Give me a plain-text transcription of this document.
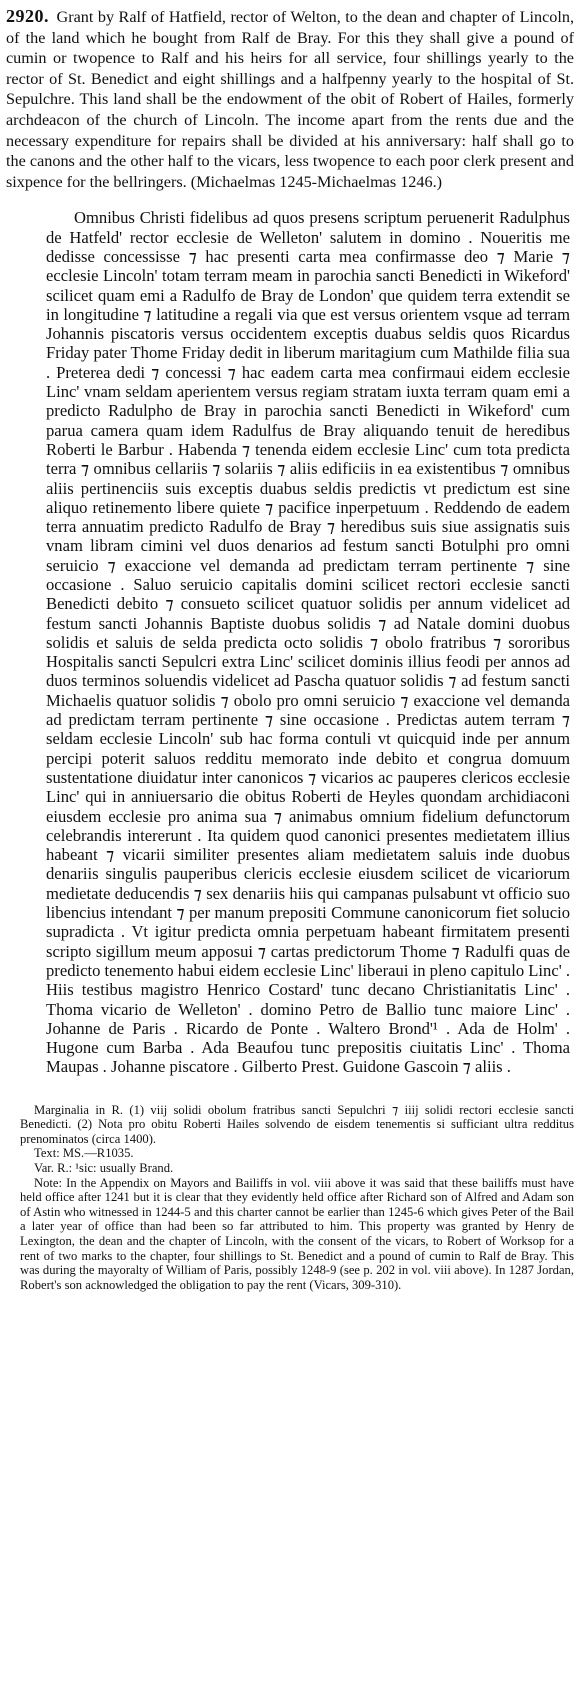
2920. Grant by Ralf of Hatfield, rector of Welton, to the dean and chapter of Lincoln, of the land which he bought from Ralf de Bray. For this they shall give a pound of cumin or twopence to Ralf and his heirs for all service, four shillings yearly to the rector of St. Benedict and eight shillings and a halfpenny yearly to the hospital of St. Sepulchre. This land shall be the endowment of the obit of Robert of Hailes, formerly archdeacon of the church of Lincoln. The income apart from the rents due and the necessary expenditure for repairs shall be divided at his anniversary: half shall go to the canons and the other half to the vicars, less twopence to each poor clerk present and sixpence for the bellringers. (Michaelmas 1245-Michaelmas 1246.)

Omnibus Christi fidelibus ad quos presens scriptum peruenerit Radulphus de Hatfeld' rector ecclesie de Welleton' salutem in domino . Noueritis me dedisse concessisse ⁊ hac presenti carta mea confirmasse deo ⁊ Marie ⁊ ecclesie Lincoln' totam terram meam in parochia sancti Benedicti in Wikeford' scilicet quam emi a Radulfo de Bray de London' que quidem terra extendit se in longitudine ⁊ latitudine a regali via que est versus orientem vsque ad terram Johannis piscatoris versus occidentem exceptis duabus seldis quos Ricardus Friday pater Thome Friday dedit in liberum maritagium cum Mathilde filia sua . Preterea dedi ⁊ concessi ⁊ hac eadem carta mea confirmaui eidem ecclesie Linc' vnam seldam aperientem versus regiam stratam iuxta terram quam emi a predicto Radulpho de Bray in parochia sancti Benedicti in Wikeford' cum parua camera quam idem Radulfus de Bray aliquando tenuit de heredibus Roberti le Barbur . Habenda ⁊ tenenda eidem ecclesie Linc' cum tota predicta terra ⁊ omnibus cellariis ⁊ solariis ⁊ aliis edificiis in ea existentibus ⁊ omnibus aliis pertinenciis suis exceptis duabus seldis predictis vt predictum est sine aliquo retinemento libere quiete ⁊ pacifice inperpetuum . Reddendo de eadem terra annuatim predicto Radulfo de Bray ⁊ heredibus suis siue assignatis suis vnam libram cimini vel duos denarios ad festum sancti Botulphi pro omni seruicio ⁊ exaccione vel demanda ad predictam terram pertinente ⁊ sine occasione . Saluo seruicio capitalis domini scilicet rectori ecclesie sancti Benedicti debito ⁊ consueto scilicet quatuor solidis per annum videlicet ad festum sancti Johannis Baptiste duobus solidis ⁊ ad Natale domini duobus solidis et saluis de selda predicta octo solidis ⁊ obolo fratribus ⁊ sororibus Hospitalis sancti Sepulcri extra Linc' scilicet dominis illius feodi per annos ad duos terminos soluendis videlicet ad Pascha quatuor solidis ⁊ ad festum sancti Michaelis quatuor solidis ⁊ obolo pro omni seruicio ⁊ exaccione vel demanda ad predictam terram pertinente ⁊ sine occasione . Predictas autem terram ⁊ seldam ecclesie Lincoln' sub hac forma contuli vt quicquid inde per annum percipi poterit saluos redditu memorato inde debito et congrua domuum sustentatione diuidatur inter canonicos ⁊ vicarios ac pauperes clericos ecclesie Linc' qui in anniuersario die obitus Roberti de Heyles quondam archidiaconi eiusdem ecclesie pro anima sua ⁊ animabus omnium fidelium defunctorum celebrandis intererunt . Ita quidem quod canonici presentes medietatem illius habeant ⁊ vicarii similiter presentes aliam medietatem saluis inde duobus denariis singulis pauperibus clericis ecclesie eiusdem scilicet de vicariorum medietate deducendis ⁊ sex denariis hiis qui campanas pulsabunt vt officio suo libencius intendant ⁊ per manum prepositi Commune canonicorum fiet solucio supradicta . Vt igitur predicta omnia perpetuam habeant firmitatem presenti scripto sigillum meum apposui ⁊ cartas predictorum Thome ⁊ Radulfi quas de predicto tenemento habui eidem ecclesie Linc' liberaui in pleno capitulo Linc' . Hiis testibus magistro Henrico Costard' tunc decano Christianitatis Linc' . Thoma vicario de Welleton' . domino Petro de Ballio tunc maiore Linc' . Johanne de Paris . Ricardo de Ponte . Waltero Brond'¹ . Ada de Holm' . Hugone cum Barba . Ada Beaufou tunc prepositis ciuitatis Linc' . Thoma Maupas . Johanne piscatore . Gilberto Prest. Guidone Gascoin ⁊ aliis .

Marginalia in R. (1) viij solidi obolum fratribus sancti Sepulchri ⁊ iiij solidi rectori ecclesie sancti Benedicti. (2) Nota pro obitu Roberti Hailes solvendo de eisdem tenementis si sufficiant ultra redditus prenominatos (circa 1400).

Text: MS.—R1035.

Var. R.: ¹sic: usually Brand.

Note: In the Appendix on Mayors and Bailiffs in vol. viii above it was said that these bailiffs must have held office after 1241 but it is clear that they evidently held office after Richard son of Alfred and Adam son of Astin who witnessed in 1244-5 and this charter cannot be earlier than 1245-6 which gives Peter of the Bail a later year of office than had been so far attributed to him. This property was granted by Henry de Lexington, the dean and the chapter of Lincoln, with the consent of the vicars, to Robert of Worksop for a rent of two marks to the chapter, four shillings to St. Benedict and a pound of cumin to Ralf de Bray. This was during the mayoralty of William of Paris, possibly 1248-9 (see p. 202 in vol. viii above). In 1287 Jordan, Robert's son acknowledged the obligation to pay the rent (Vicars, 309-310).
